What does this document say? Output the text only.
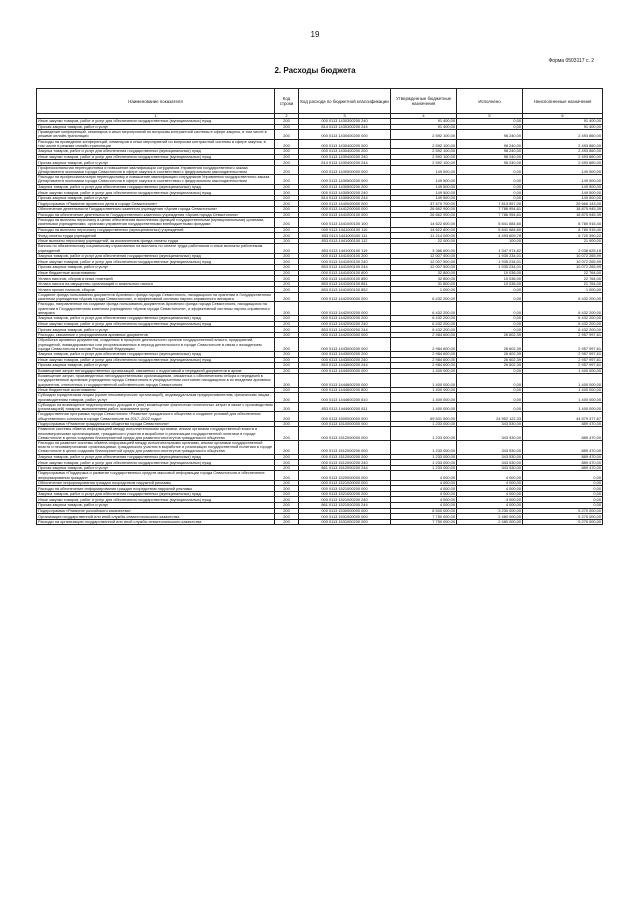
19
Форма 0503117 с. 2
2. Расходы бюджета
Наименование показателя	Код строки	Код расхода по бюджетной классификации	Утвержденные бюджетные назначения	Исполнено	Неисполненные назначения
1	2	3	4	5	6
Иные закупки товаров, работ и услуг для обеспечения государственных (муниципальных) нужд	200	000 0113 1430300200 240	91 400,00	0,00	91 400,00
Прочая закупка товаров, работ и услуг	200	814 0113 1430300200 244	91 400,00	0,00	91 400,00
Проведение конференций, семинаров и иных мероприятий по вопросам контрактной системы в сфере закупок, в том числе в режиме онлайн-трансляции	200	000 0113 1430400200 000	2 592 100,00	98 240,00	2 493 860,00
Расходы на проведение конференций, семинаров и иных мероприятий по вопросам контрактной системы в сфере закупок, в том числе в режиме онлайн-трансляции	200	000 0113 1430400200 000	2 592 100,00	98 240,00	2 493 860,00
Закупка товаров, работ и услуг для обеспечения государственных (муниципальных) нужд	200	000 0113 1430400200 200	2 592 100,00	98 240,00	2 493 860,00
Иные закупки товаров, работ и услуг для обеспечения государственных (муниципальных) нужд	200	000 0113 1430400200 240	2 592 100,00	98 240,00	2 493 860,00
Прочая закупка товаров, работ и услуг	200	814 0113 1430400200 244	2 592 100,00	98 240,00	2 493 860,00
Профессиональная переподготовка и повышение квалификации сотрудников Управления государственного заказа Департамента экономики города Севастополя в сфере закупок в соответствии с федеральным законодательством	200	000 0113 1430500000 000	149 500,00	0,00	149 500,00
Расходы на профессиональную переподготовку и повышение квалификации сотрудников Управления государственного заказа Департамента экономики города Севастополя в сфере закупок в соответствии с федеральным законодательством	200	000 0113 1430500200 000	149 500,00	0,00	149 500,00
Закупка товаров, работ и услуг для обеспечения государственных (муниципальных) нужд	200	000 0113 1430500200 200	149 500,00	0,00	149 500,00
Иные закупки товаров, работ и услуг для обеспечения государственных (муниципальных) нужд	200	000 0113 1430500200 240	149 500,00	0,00	149 500,00
Прочая закупка товаров, работ и услуг	200	814 0113 1430500200 244	149 500,00	0,00	149 500,00
Подпрограмма «Развитие архивного дела в городе Севастополе»	200	000 0113 1440000000 000	37 479 700,00	7 813 557,00	29 666 143,00
Обеспечение деятельности Государственного казенного учреждения «Архив города Севастополя»	200	000 0113 1441200000 000	26 662 900,00	7 786 954,61	18 875 945,39
Расходы на обеспечение деятельности Государственного казенного учреждения «Архив города Севастополя»	200	000 0113 1441000100 000	26 662 900,00	7 786 954,61	18 875 945,39
Расходы на выплаты персоналу в целях обеспечения выполнения функций государственными (муниципальными) органами, казенными учреждениями, органами управления государственными внебюджетными фондами	200	000 0113 1441000100 100	14 622 600,00	5 841 684,60	8 780 915,40
Расходы на выплаты персоналу государственных (муниципальных) учреждений	200	000 0113 1441000100 110	14 622 600,00	5 841 684,60	8 780 915,40
Фонд оплаты труда учреждений	200	853 0113 1441000100 111	11 214 000,00	4 493 609,78	6 720 390,22
Иные выплаты персоналу учреждений, за исключением фонда оплаты труда	200	853 0113 1441000100 112	22 000,00	100,00	21 900,00
Взносы по обязательному социальному страхованию на выплаты по оплате труда работников и иные выплаты работникам учреждений	200	853 0113 1441000100 119	3 386 600,00	1 347 974,82	2 038 625,18
Закупка товаров, работ и услуг для обеспечения государственных (муниципальных) нужд	200	000 0113 1441000100 200	12 007 500,00	1 935 234,01	10 072 265,99
Иные закупки товаров, работ и услуг для обеспечения государственных (муниципальных) нужд	200	000 0113 1441000100 240	12 007 500,00	1 935 234,01	10 072 265,99
Прочая закупка товаров, работ и услуг	200	853 0113 1441000100 244	12 007 500,00	1 935 234,01	10 072 265,99
Иные бюджетные ассигнования	200	000 0113 1441000100 800	32 800,00	10 036,00	22 764,00
Уплата налогов, сборов и иных платежей	200	000 0113 1441000100 850	32 800,00	10 036,00	22 764,00
Уплата налога на имущество организаций и земельного налога	200	853 0113 1441000100 851	31 800,00	10 036,00	21 764,00
Уплата прочих налогов, сборов	200	853 0113 1441000100 852	1 000,00	0,00	1 000,00
Создание фонда пользования документов Архивного фонда города Севастополя, находящихся на хранении в Государственном казенном учреждении «Архив города Севастополя», и эффективной системы научно-справочного аппарата	200	000 0113 1442000000 000	6 432 200,00	0,00	6 432 200,00
Расходы, направленные на создание фонда пользования документов Архивного фонда города Севастополя, находящихся на хранении в Государственном казенном учреждении «Архив города Севастополя», и эффективной системы научно-справочного аппарата	200	000 0113 1442000200 000	6 432 200,00	0,00	6 432 200,00
Закупка товаров, работ и услуг для обеспечения государственных (муниципальных) нужд	200	000 0113 1442000200 200	6 432 200,00	0,00	6 432 200,00
Иные закупки товаров, работ и услуг для обеспечения государственных (муниципальных) нужд	200	000 0113 1442000200 240	6 432 200,00	0,00	6 432 200,00
Прочая закупка товаров, работ и услуг	200	853 0113 1442000200 244	6 432 200,00	0,00	6 432 200,00
Расходы, связанные с упорядочением архивных документов	200	000 0113 1442000300 000	2 984 600,00	26 602,39	2 957 997,61
Обработка архивных документов, созданных в процессе деятельности органов государственной власти, предприятий, учреждений, ликвидированных или реорганизованных в период деятельности в городе Севастополе в связи с вхождением города Севастополя в состав Российской Федерации	200	000 0113 1443000200 000	2 984 600,00	26 602,39	2 957 997,61
Закупка товаров, работ и услуг для обеспечения государственных (муниципальных) нужд	200	000 0113 1443000200 200	2 984 600,00	26 602,39	2 957 997,61
Иные закупки товаров, работ и услуг для обеспечения государственных (муниципальных) нужд	200	000 0113 1443000200 240	2 984 600,00	26 602,39	2 957 997,61
Прочая закупка товаров, работ и услуг	200	853 0113 1443000200 244	2 984 600,00	26 602,39	2 957 997,61
Возмещение затрат негосударственных организаций, связанных с подготовкой и передачей документов в архив	200	000 0113 1444000000 000	1 400 000,00	0,00	1 400 000,00
Возмещение затрат, произведенных негосударственными организациями, связанных с обеспечением отбора и передачей в государственные архивные учреждения города Севастополя в упорядоченном состоянии находящихся в их владении архивных документов, отнесенных к государственной собственности города Севастополя	200	000 0113 1444600200 000	1 400 000,00	0,00	1 400 000,00
Иные бюджетные ассигнования	200	000 0113 1444600200 800	1 400 000,00	0,00	1 400 000,00
Субсидии юридическим лицам (кроме некоммерческих организаций), индивидуальным предпринимателям, физическим лицам - производителям товаров, работ, услуг	200	000 0113 1444600200 810	1 400 000,00	0,00	1 400 000,00
Субсидии на возмещение недополученных доходов и (или) возмещение фактически понесенных затрат в связи с производством (реализацией) товаров, выполнением работ, оказанием услуг	200	853 0113 1444600200 811	1 400 000,00	0,00	1 400 000,00
Государственная программа города Севастополя «Развитие гражданского общества и создание условий для обеспечения общественного согласия в городе Севастополе на 2017–2022 годы»	200	000 0113 1500000000 000	69 531 500,00	24 952 122,33	44 579 377,67
Подпрограмма «Развитие гражданского общества города Севастополя»	200	000 0113 1510000000 000	1 233 000,00	343 530,00	889 470,00
Развитие системы обмена информацией между исполнительными органами, иными органами государственной власти и некоммерческими организациями, гражданского участия в выработке и реализации государственной политики в городе Севастополе в целях создания благоприятной среды для развития институтов гражданского общества	200	000 0113 1512000000 000	1 233 000,00	343 530,00	889 470,00
Расходы на развитие системы обмена информацией между исполнительными органами, иными органами государственной власти и некоммерческими организациями, гражданского участия в выработке и реализации государственной политики в городе Севастополе в целях создания благоприятной среды для развития институтов гражданского общества	200	000 0113 1512000200 000	1 233 000,00	343 530,00	889 470,00
Закупка товаров, работ и услуг для обеспечения государственных (муниципальных) нужд	200	000 0113 1512000200 200	1 233 000,00	343 530,00	889 470,00
Иные закупки товаров, работ и услуг для обеспечения государственных (муниципальных) нужд	200	000 0113 1512000200 240	1 233 000,00	343 530,00	889 470,00
Прочая закупка товаров, работ и услуг	200	861 0113 1512000200 244	1 233 000,00	343 530,00	889 470,00
Подпрограмма «Поддержка и развитие государственных средств массовой информации города Севастополя и обеспечение информирования граждан»	200	000 0113 1520000000 000	4 000,00	4 000,00	0,00
Обеспечение информирования граждан посредством наружной рекламы	200	000 0113 1521000000 000	4 000,00	4 000,00	0,00
Расходы на обеспечение информирования граждан посредством наружной рекламы	200	000 0113 1521000200 000	4 000,00	4 000,00	0,00
Закупка товаров, работ и услуг для обеспечения государственных (муниципальных) нужд	200	000 0113 1521000200 200	4 000,00	4 000,00	0,00
Иные закупки товаров, работ и услуг для обеспечения государственных (муниципальных) нужд	200	000 0113 1521000200 240	4 000,00	4 000,00	0,00
Прочая закупка товаров, работ и услуг	200	861 0113 1521000200 244	4 000,00	4 000,00	0,00
Подпрограмма «Развитие российского казачества»	200	000 0113 1530000000 000	8 500 000,00	3 230 000,00	5 270 000,00
Организация государственной или иной службы севастопольского казачества	200	000 0113 1531000000 000	7 750 000,00	2 480 000,00	5 270 000,00
Расходы на организацию государственной или иной службы севастопольского казачества	200	000 0113 1531000200 000	7 750 000,00	2 480 000,00	5 270 000,00
